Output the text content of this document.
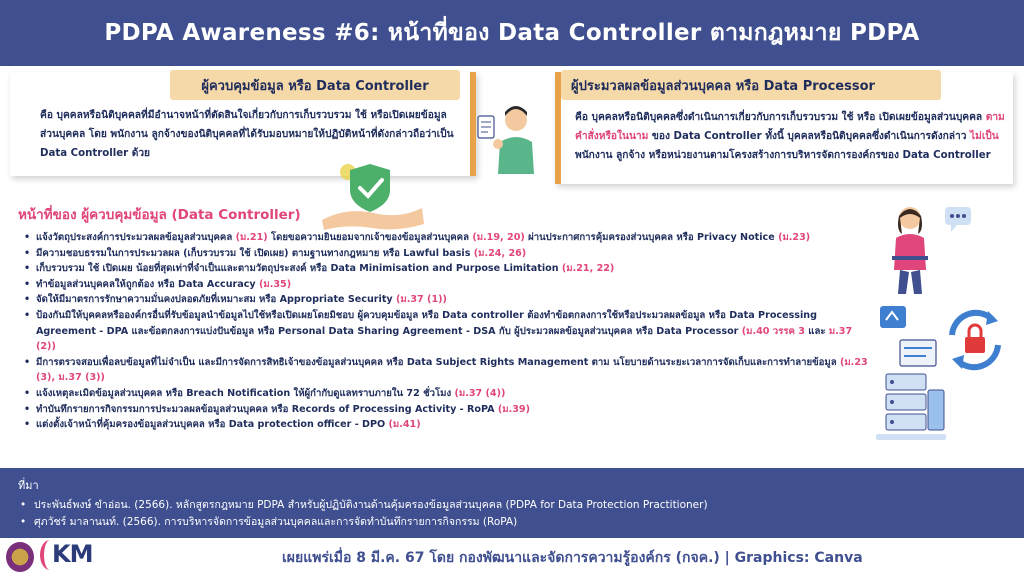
PDPA Awareness #6: หน้าที่ของ Data Controller ตามกฎหมาย PDPA
ผู้ควบคุมข้อมูล หรือ Data Controller
คือ บุคคลหรือนิติบุคคลที่มีอำนาจหน้าที่ตัดสินใจเกี่ยวกับการเก็บรวบรวม ใช้ หรือเปิดเผยข้อมูลส่วนบุคคล โดย พนักงาน ลูกจ้างของนิติบุคคลที่ได้รับมอบหมายให้ปฏิบัติหน้าที่ดังกล่าวถือว่าเป็น Data Controller ด้วย
ผู้ประมวลผลข้อมูลส่วนบุคคล หรือ Data Processor
คือ บุคคลหรือนิติบุคคลซึ่งดำเนินการเกี่ยวกับการเก็บรวบรวม ใช้ หรือ เปิดเผยข้อมูลส่วนบุคคล ตามคำสั่งหรือในนาม ของ Data Controller ทั้งนี้ บุคคลหรือนิติบุคคลซึ่งดำเนินการดังกล่าว ไม่เป็น พนักงาน ลูกจ้าง หรือหน่วยงานตามโครงสร้างการบริหารจัดการองค์กรของ Data Controller
หน้าที่ของ ผู้ควบคุมข้อมูล (Data Controller)
• แจ้งวัตถุประสงค์การประมวลผลข้อมูลส่วนบุคคล (ม.21) โดยขอความยินยอมจากเจ้าของข้อมูลส่วนบุคคล (ม.19, 20) ผ่านประกาศการคุ้มครองส่วนบุคคล หรือ Privacy Notice (ม.23)
• มีความชอบธรรมในการประมวลผล (เก็บรวบรวม ใช้ เปิดเผย) ตามฐานทางกฎหมาย หรือ Lawful basis (ม.24, 26)
• เก็บรวบรวม ใช้ เปิดเผย น้อยที่สุดเท่าที่จำเป็นและตามวัตถุประสงค์ หรือ Data Minimisation and Purpose Limitation (ม.21, 22)
• ทำข้อมูลส่วนบุคคลให้ถูกต้อง หรือ Data Accuracy (ม.35)
• จัดให้มีมาตรการรักษาความมั่นคงปลอดภัยที่เหมาะสม หรือ Appropriate Security (ม.37 (1))
• ป้องกันมิให้บุคคลหรือองค์กรอื่นที่รับข้อมูลนำข้อมูลไปใช้หรือเปิดเผยโดยมิชอบ ผู้ควบคุมข้อมูล หรือ Data controller ต้องทำข้อตกลงการใช้หรือประมวลผลข้อมูล หรือ Data Processing Agreement - DPA และข้อตกลงการแบ่งปันข้อมูล หรือ Personal Data Sharing Agreement - DSA กับ ผู้ประมวลผลข้อมูลส่วนบุคคล หรือ Data Processor (ม.40 วรรค 3 และ ม.37 (2))
• มีการตรวจสอบเพื่อลบข้อมูลที่ไม่จำเป็น และมีการจัดการสิทธิเจ้าของข้อมูลส่วนบุคคล หรือ Data Subject Rights Management ตาม นโยบายด้านระยะเวลาการจัดเก็บและการทำลายข้อมูล (ม.23 (3), ม.37 (3))
• แจ้งเหตุละเมิดข้อมูลส่วนบุคคล หรือ Breach Notification ให้ผู้กำกับดูแลทราบภายใน 72 ชั่วโมง (ม.37 (4))
• ทำบันทึกรายการกิจกรรมการประมวลผลข้อมูลส่วนบุคคล หรือ Records of Processing Activity - RoPA (ม.39)
• แต่งตั้งเจ้าหน้าที่คุ้มครองข้อมูลส่วนบุคคล หรือ Data protection officer - DPO (ม.41)
ที่มา
• ประพันธ์พงษ์ ขำอ่อน. (2566). หลักสูตรกฎหมาย PDPA สำหรับผู้ปฏิบัติงานด้านคุ้มครองข้อมูลส่วนบุคคล (PDPA for Data Protection Practitioner)
• ศุภวัชร์ มาลานนท์. (2566). การบริหารจัดการข้อมูลส่วนบุคคลและการจัดทำบันทึกรายการกิจกรรม (RoPA)
เผยแพร่เมื่อ 8 มี.ค. 67 โดย กองพัฒนาและจัดการความรู้องค์กร (กจค.) | Graphics: Canva
KM
